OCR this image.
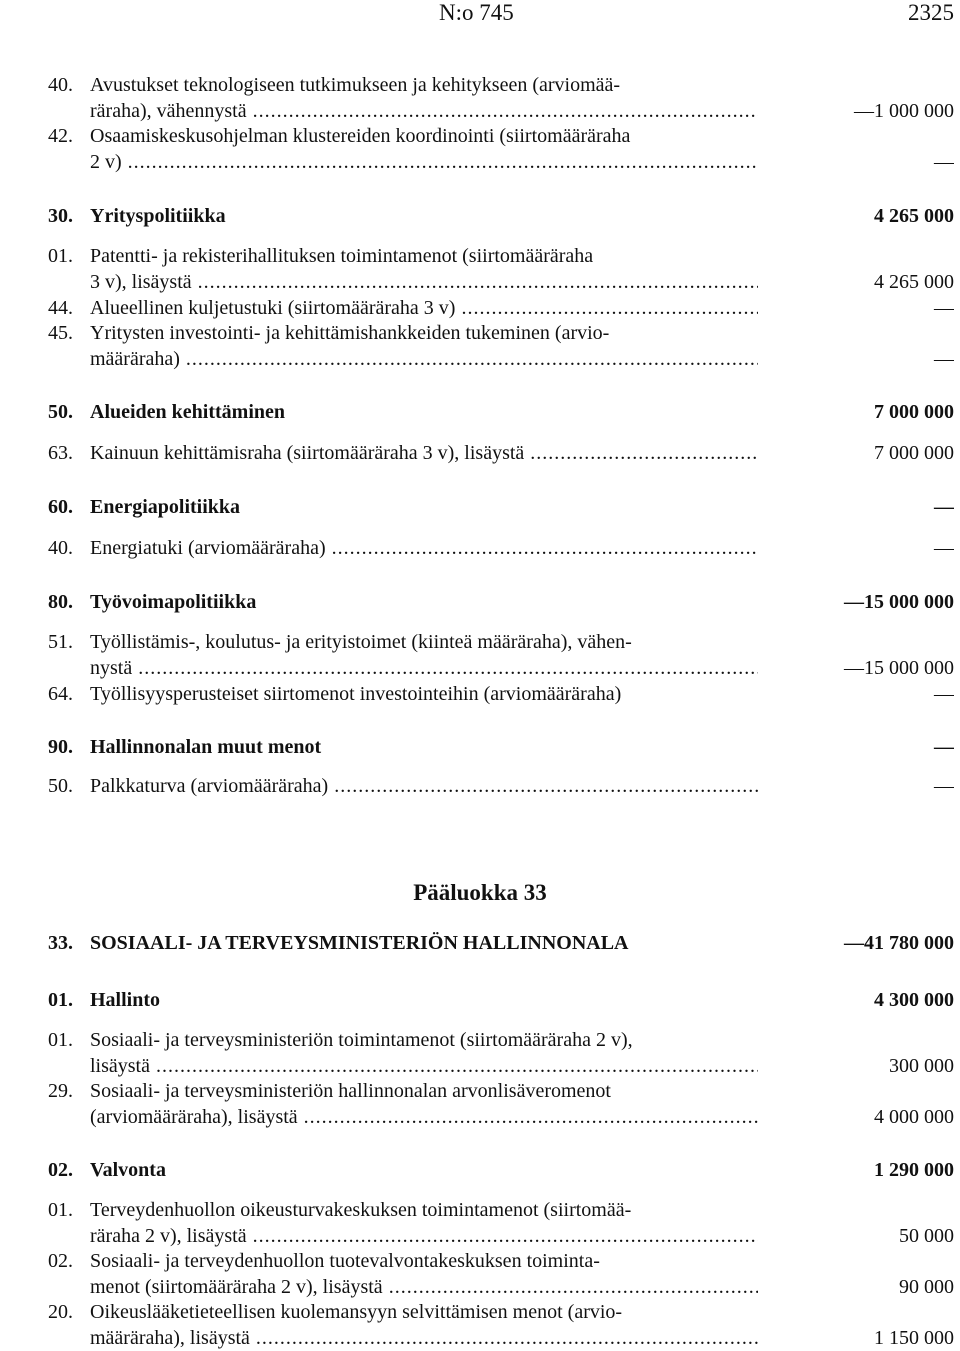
N:o 745	2325
Pääluokka 33
40. Avustukset teknologiseen tutkimukseen ja kehitykseen (arviomää-
räraha), vähennystä .....	—1 000 000
42. Osaamiskeskusohjelman klustereiden koordinointi (siirtomääräraha
2 v) .....	—
30. Yrityspolitiikka	4 265 000
01. Patentti- ja rekisterihallituksen toimintamenot (siirtomääräraha
3 v), lisäystä .....	4 265 000
44. Alueellinen kuljetustuki (siirtomääräraha 3 v) .....	—
45. Yritysten investointi- ja kehittämishankkeiden tukeminen (arvio-
määräraha) .....	—
50. Alueiden kehittäminen	7 000 000
63. Kainuun kehittämisraha (siirtomääräraha 3 v), lisäystä .....	7 000 000
60. Energiapolitiikka	—
40. Energiatuki (arviomääräraha) .....	—
80. Työvoimapolitiikka	—15 000 000
51. Työllistämis-, koulutus- ja erityistoimet (kiinteä määräraha), vähen-
nystä .....	—15 000 000
64. Työllisyysperusteiset siirtomenot investointeihin (arviomääräraha)	—
90. Hallinnonalan muut menot	—
50. Palkkaturva (arviomääräraha) .....	—
33. SOSIAALI- JA TERVEYSMINISTERIÖN HALLINNONALA	—41 780 000
01. Hallinto	4 300 000
01. Sosiaali- ja terveysministeriön toimintamenot (siirtomääräraha 2 v),
lisäystä .....	300 000
29. Sosiaali- ja terveysministeriön hallinnonalan arvonlisäveromenot
(arviomääräraha), lisäystä .....	4 000 000
02. Valvonta	1 290 000
01. Terveydenhuollon oikeusturvakeskuksen toimintamenot (siirtomää-
räraha 2 v), lisäystä .....	50 000
02. Sosiaali- ja terveydenhuollon tuotevalvontakeskuksen toiminta-
menot (siirtomääräraha 2 v), lisäystä .....	90 000
20. Oikeuslääketieteellisen kuolemansyyn selvittämisen menot (arvio-
määräraha), lisäystä .....	1 150 000
